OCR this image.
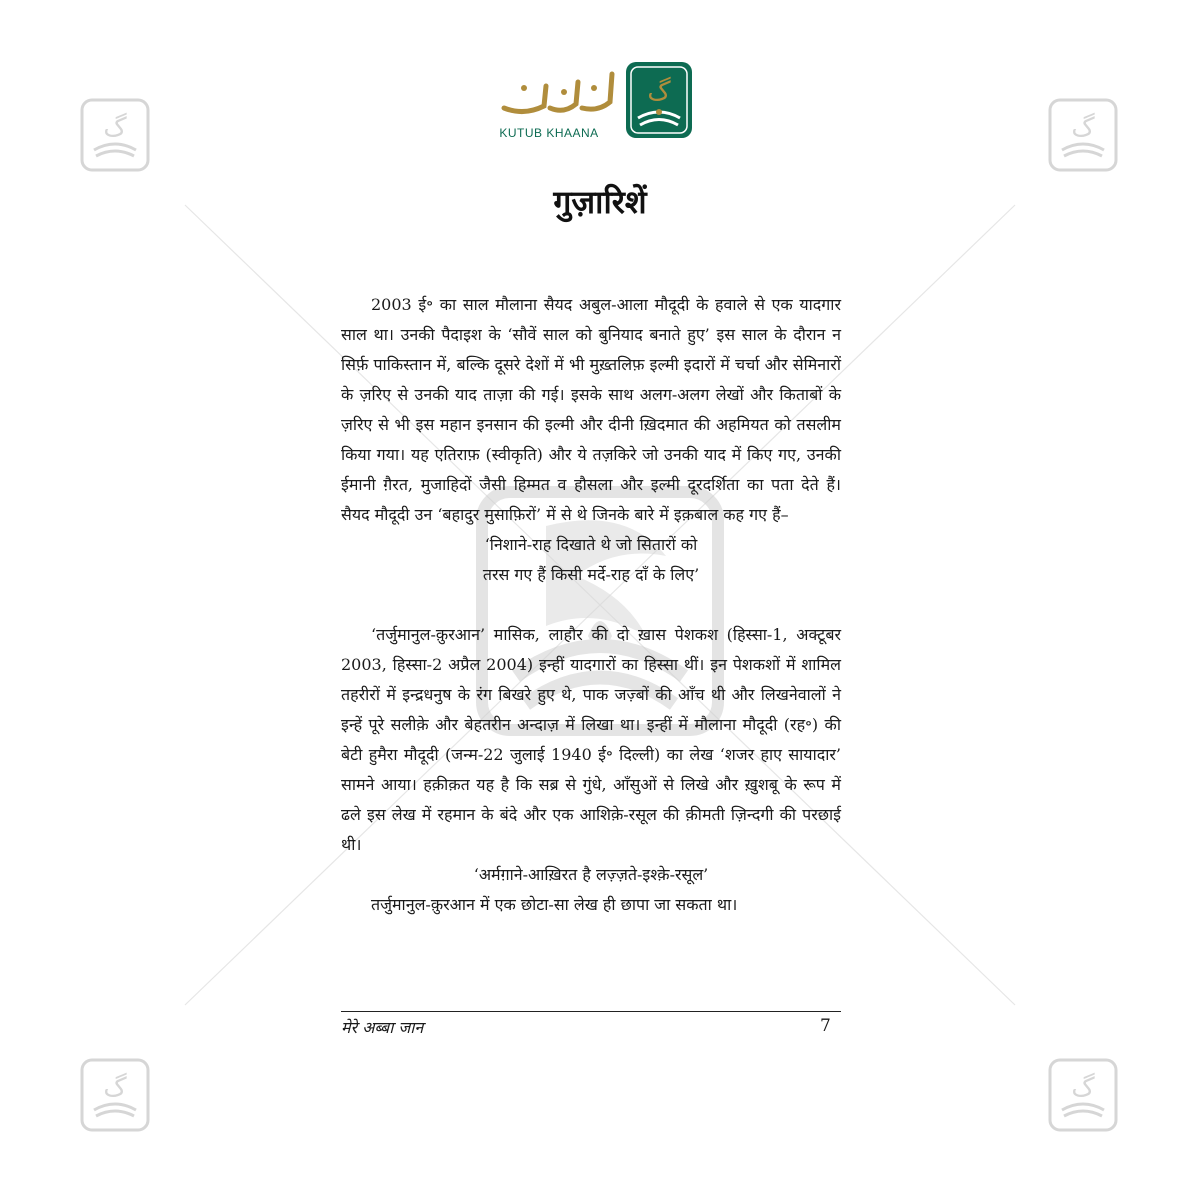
گ	گ
گ	گ
KUTUB KHAANA
گ
गुज़ारिशें

2003 ई॰ का साल मौलाना सैयद अबुल-आला मौदूदी के हवाले से एक यादगार साल था। उनकी पैदाइश के ‘सौवें साल को बुनियाद बनाते हुए’ इस साल के दौरान न सिर्फ़ पाकिस्तान में, बल्कि दूसरे देशों में भी मुख़्तलिफ़ इल्मी इदारों में चर्चा और सेमिनारों के ज़रिए से उनकी याद ताज़ा की गई। इसके साथ अलग-अलग लेखों और किताबों के ज़रिए से भी इस महान इनसान की इल्मी और दीनी ख़िदमात की अहमियत को तसलीम किया गया। यह एतिराफ़ (स्वीकृति) और ये तज़किरे जो उनकी याद में किए गए, उनकी ईमानी ग़ैरत, मुजाहिदों जैसी हिम्मत व हौसला और इल्मी दूरदर्शिता का पता देते हैं। सैयद मौदूदी उन ‘बहादुर मुसाफ़िरों’ में से थे जिनके बारे में इक़बाल कह गए हैं–

‘निशाने-राह दिखाते थे जो सितारों को

तरस गए हैं किसी मर्दे-राह दाँ के लिए’

‘तर्जुमानुल-क़ुरआन’ मासिक, लाहौर की दो ख़ास पेशकश (हिस्सा-1, अक्टूबर 2003, हिस्सा-2 अप्रैल 2004) इन्हीं यादगारों का हिस्सा थीं। इन पेशकशों में शामिल तहरीरों में इन्द्रधनुष के रंग बिखरे हुए थे, पाक जज़्बों की आँच थी और लिखनेवालों ने इन्हें पूरे सलीक़े और बेहतरीन अन्दाज़ में लिखा था। इन्हीं में मौलाना मौदूदी (रह॰) की बेटी हुमैरा मौदूदी (जन्म-22 जुलाई 1940 ई॰ दिल्ली) का लेख ‘शजर हाए सायादार’ सामने आया। हक़ीक़त यह है कि सब्र से गुंधे, आँसुओं से लिखे और ख़ुशबू के रूप में ढले इस लेख में रहमान के बंदे और एक आशिक़े-रसूल की क़ीमती ज़िन्दगी की परछाई थी।

‘अर्मग़ाने-आख़िरत है लज़्ज़ते-इश्क़े-रसूल’

तर्जुमानुल-क़ुरआन में एक छोटा-सा लेख ही छापा जा सकता था।

मेरे अब्बा जान	7
